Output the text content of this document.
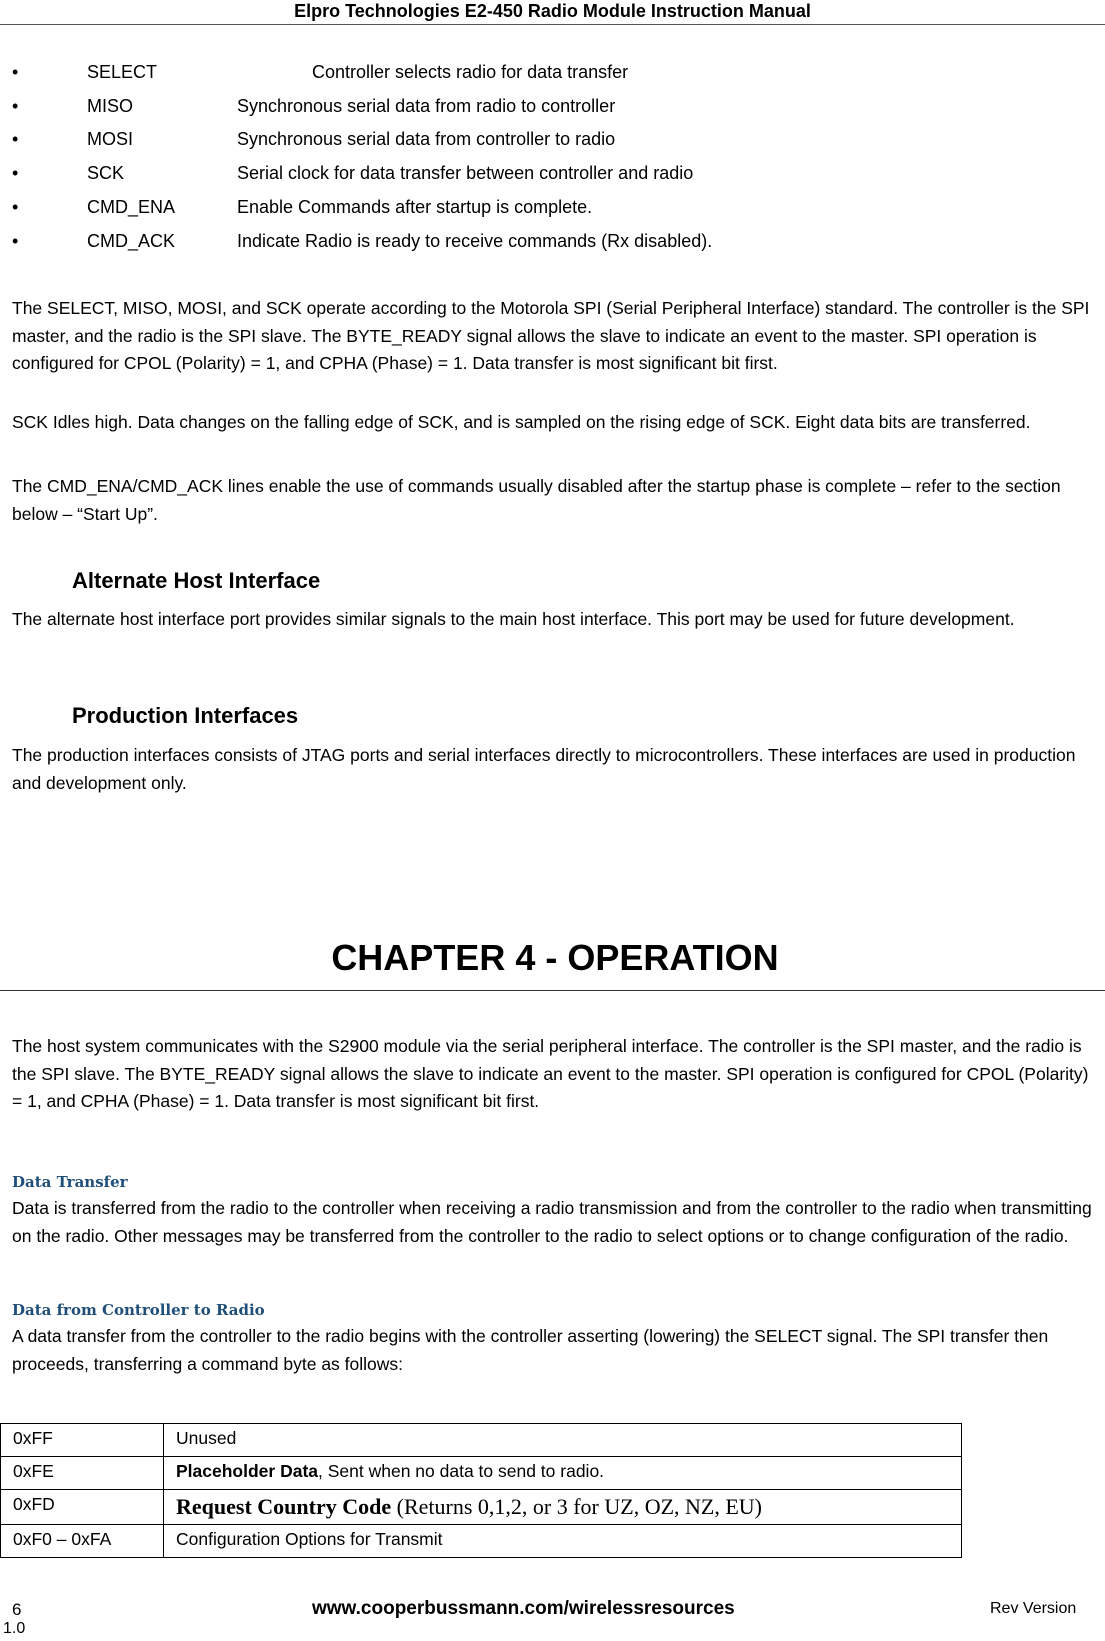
Elpro Technologies E2-450 Radio Module Instruction Manual
•	SELECT	Controller selects radio for data transfer
•	MISO	Synchronous serial data from radio to controller
•	MOSI	Synchronous serial data from controller to radio
•	SCK	Serial clock for data transfer between controller and radio
•	CMD_ENA	Enable Commands after startup is complete.
•	CMD_ACK	Indicate Radio is ready to receive commands (Rx disabled).

The SELECT, MISO, MOSI, and SCK operate according to the Motorola SPI (Serial Peripheral Interface) standard. The controller is the SPI master, and the radio is the SPI slave. The BYTE_READY signal allows the slave to indicate an event to the master. SPI operation is configured for CPOL (Polarity) = 1, and CPHA (Phase) = 1. Data transfer is most significant bit first.

SCK Idles high. Data changes on the falling edge of SCK, and is sampled on the rising edge of SCK. Eight data bits are transferred.

The CMD_ENA/CMD_ACK lines enable the use of commands usually disabled after the startup phase is complete – refer to the section below – “Start Up”.

Alternate Host Interface

The alternate host interface port provides similar signals to the main host interface. This port may be used for future development.

Production Interfaces

The production interfaces consists of JTAG ports and serial interfaces directly to microcontrollers. These interfaces are used in production and development only.

CHAPTER 4 - OPERATION

The host system communicates with the S2900 module via the serial peripheral interface. The controller is the SPI master, and the radio is the SPI slave. The BYTE_READY signal allows the slave to indicate an event to the master. SPI operation is configured for CPOL (Polarity) = 1, and CPHA (Phase) = 1. Data transfer is most significant bit first.

Data Transfer

Data is transferred from the radio to the controller when receiving a radio transmission and from the controller to the radio when transmitting on the radio. Other messages may be transferred from the controller to the radio to select options or to change configuration of the radio.

Data from Controller to Radio

A data transfer from the controller to the radio begins with the controller asserting (lowering) the SELECT signal. The SPI transfer then proceeds, transferring a command byte as follows:

0xFF	Unused
0xFE	Placeholder Data, Sent when no data to send to radio.
0xFD	Request Country Code (Returns 0,1,2, or 3 for UZ, OZ, NZ, EU)
0xF0 – 0xFA	Configuration Options for Transmit
6	www.cooperbussmann.com/wirelessresources	Rev Version
1.0
